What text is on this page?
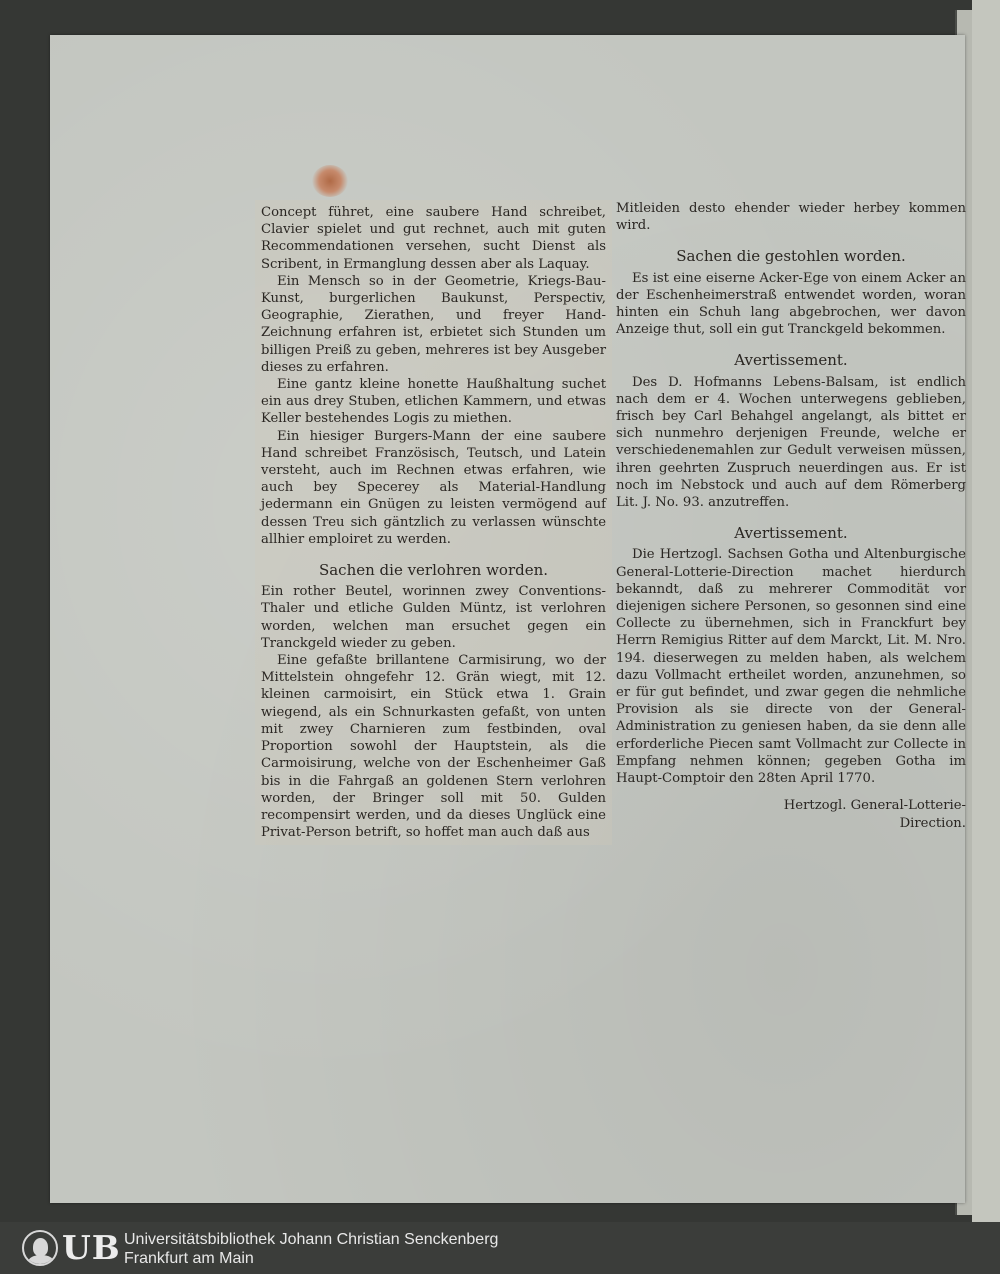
Concept führet, eine saubere Hand schreibet, Clavier spielet und gut rechnet, auch mit guten Recommendationen versehen, sucht Dienst als Scribent, in Ermanglung dessen aber als Laquay.

Ein Mensch so in der Geometrie, Kriegs-Bau-Kunst, burgerlichen Baukunst, Perspectiv, Geographie, Zierathen, und freyer Hand-Zeichnung erfahren ist, erbietet sich Stunden um billigen Preiß zu geben, mehreres ist bey Ausgeber dieses zu erfahren.

Eine gantz kleine honette Haußhaltung suchet ein aus drey Stuben, etlichen Kammern, und etwas Keller bestehendes Logis zu miethen.

Ein hiesiger Burgers-Mann der eine saubere Hand schreibet Französisch, Teutsch, und Latein versteht, auch im Rechnen etwas erfahren, wie auch bey Specerey als Material-Handlung jedermann ein Gnügen zu leisten vermögend auf dessen Treu sich gäntzlich zu verlassen wünschte allhier emploiret zu werden.

Sachen die verlohren worden.

Ein rother Beutel, worinnen zwey Conventions-Thaler und etliche Gulden Müntz, ist verlohren worden, welchen man ersuchet gegen ein Tranckgeld wieder zu geben.

Eine gefaßte brillantene Carmisirung, wo der Mittelstein ohngefehr 12. Grän wiegt, mit 12. kleinen carmoisirt, ein Stück etwa 1. Grain wiegend, als ein Schnurkasten gefaßt, von unten mit zwey Charnieren zum festbinden, oval Proportion sowohl der Hauptstein, als die Carmoisirung, welche von der Eschenheimer Gaß bis in die Fahrgaß an goldenen Stern verlohren worden, der Bringer soll mit 50. Gulden recompensirt werden, und da dieses Unglück eine Privat-Person betrift, so hoffet man auch daß aus

Mitleiden desto ehender wieder herbey kommen wird.

Sachen die gestohlen worden.

Es ist eine eiserne Acker-Ege von einem Acker an der Eschenheimerstraß entwendet worden, woran hinten ein Schuh lang abgebrochen, wer davon Anzeige thut, soll ein gut Tranckgeld bekommen.

Avertissement.

Des D. Hofmanns Lebens-Balsam, ist endlich nach dem er 4. Wochen unterwegens geblieben, frisch bey Carl Behahgel angelangt, als bittet er sich nunmehro derjenigen Freunde, welche er verschiedenemahlen zur Gedult verweisen müssen, ihren geehrten Zuspruch neuerdingen aus. Er ist noch im Nebstock und auch auf dem Römerberg Lit. J. No. 93. anzutreffen.

Avertissement.

Die Hertzogl. Sachsen Gotha und Altenburgische General-Lotterie-Direction machet hierdurch bekanndt, daß zu mehrerer Commodität vor diejenigen sichere Personen, so gesonnen sind eine Collecte zu übernehmen, sich in Franckfurt bey Herrn Remigius Ritter auf dem Marckt, Lit. M. Nro. 194. dieserwegen zu melden haben, als welchem dazu Vollmacht ertheilet worden, anzunehmen, so er für gut befindet, und zwar gegen die nehmliche Provision als sie directe von der General-Administration zu geniesen haben, da sie denn alle erforderliche Piecen samt Vollmacht zur Collecte in Empfang nehmen können; gegeben Gotha im Haupt-Comptoir den 28ten April 1770.

Hertzogl. General-Lotterie-
Direction.
UB Universitätsbibliothek Johann Christian Senckenberg
Frankfurt am Main
